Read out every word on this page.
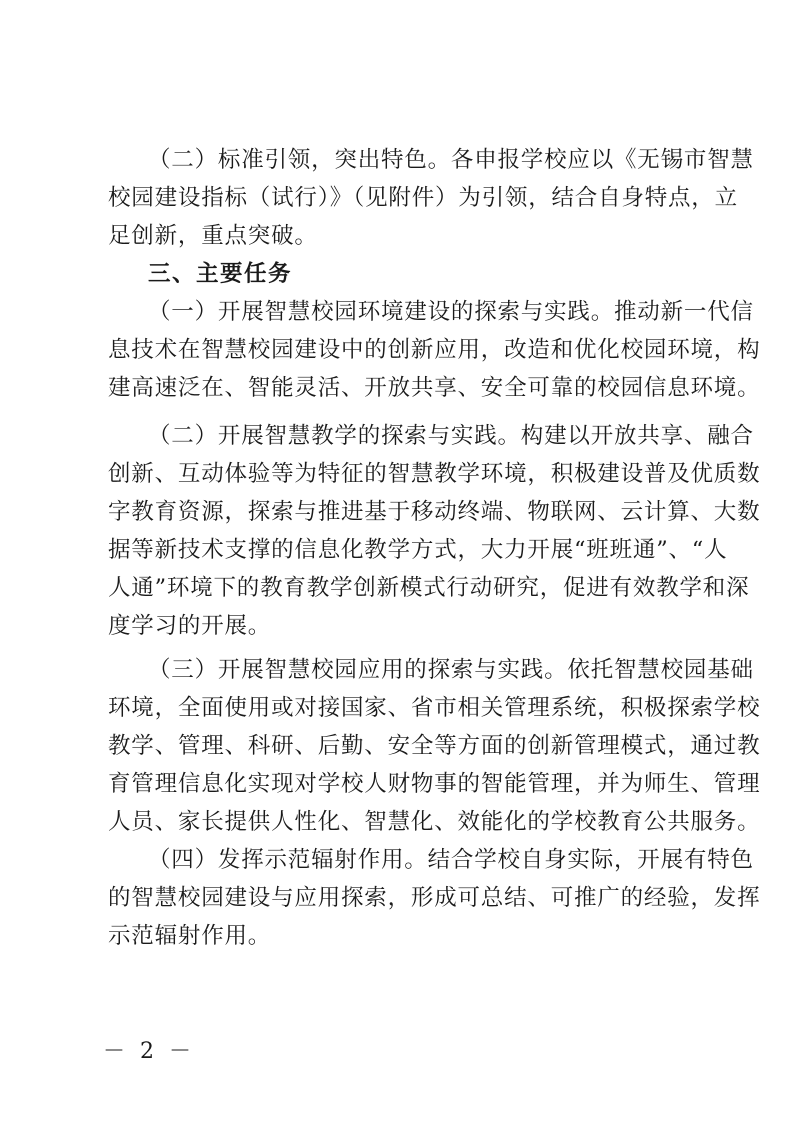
（二）标准引领，突出特色。各申报学校应以《无锡市智慧
校园建设指标（试行）》（见附件）为引领，结合自身特点，立
足创新，重点突破。
三、主要任务
（一）开展智慧校园环境建设的探索与实践。推动新一代信
息技术在智慧校园建设中的创新应用，改造和优化校园环境，构
建高速泛在、智能灵活、开放共享、安全可靠的校园信息环境。
（二）开展智慧教学的探索与实践。构建以开放共享、融合
创新、互动体验等为特征的智慧教学环境，积极建设普及优质数
字教育资源，探索与推进基于移动终端、物联网、云计算、大数
据等新技术支撑的信息化教学方式，大力开展“班班通”、“人
人通”环境下的教育教学创新模式行动研究，促进有效教学和深
度学习的开展。
（三）开展智慧校园应用的探索与实践。依托智慧校园基础
环境，全面使用或对接国家、省市相关管理系统，积极探索学校
教学、管理、科研、后勤、安全等方面的创新管理模式，通过教
育管理信息化实现对学校人财物事的智能管理，并为师生、管理
人员、家长提供人性化、智慧化、效能化的学校教育公共服务。
（四）发挥示范辐射作用。结合学校自身实际，开展有特色
的智慧校园建设与应用探索，形成可总结、可推广的经验，发挥
示范辐射作用。
－ 2 －
